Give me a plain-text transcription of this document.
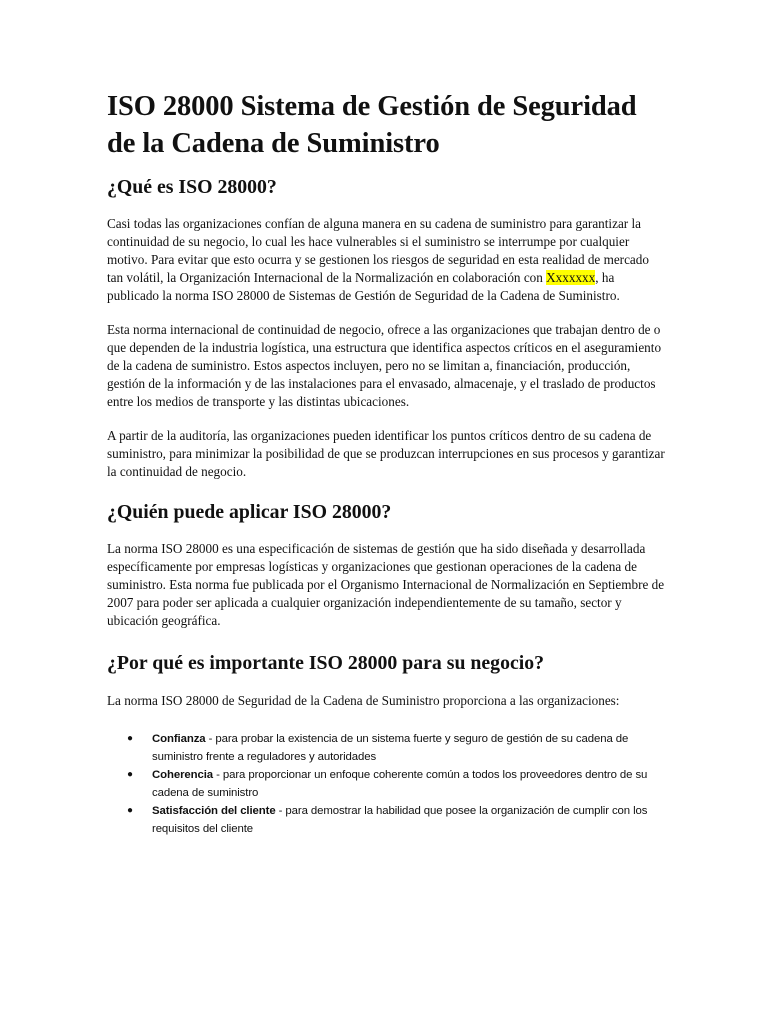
ISO 28000 Sistema de Gestión de Seguridad de la Cadena de Suministro
¿Qué es ISO 28000?

Casi todas las organizaciones confían de alguna manera en su cadena de suministro para garantizar la continuidad de su negocio, lo cual les hace vulnerables si el suministro se interrumpe por cualquier motivo. Para evitar que esto ocurra y se gestionen los riesgos de seguridad en esta realidad de mercado tan volátil, la Organización Internacional de la Normalización en colaboración con Xxxxxxx, ha publicado la norma ISO 28000 de Sistemas de Gestión de Seguridad de la Cadena de Suministro.

Esta norma internacional de continuidad de negocio, ofrece a las organizaciones que trabajan dentro de o que dependen de la industria logística, una estructura que identifica aspectos críticos en el aseguramiento de la cadena de suministro. Estos aspectos incluyen, pero no se limitan a, financiación, producción, gestión de la información y de las instalaciones para el envasado, almacenaje, y el traslado de productos entre los medios de transporte y las distintas ubicaciones.

A partir de la auditoría, las organizaciones pueden identificar los puntos críticos dentro de su cadena de suministro, para minimizar la posibilidad de que se produzcan interrupciones en sus procesos y garantizar la continuidad de negocio.

¿Quién puede aplicar ISO 28000?

La norma ISO 28000 es una especificación de sistemas de gestión que ha sido diseñada y desarrollada específicamente por empresas logísticas y organizaciones que gestionan operaciones de la cadena de suministro. Esta norma fue publicada por el Organismo Internacional de Normalización en Septiembre de 2007 para poder ser aplicada a cualquier organización independientemente de su tamaño, sector y ubicación geográfica.

¿Por qué es importante ISO 28000 para su negocio?

La norma ISO 28000 de Seguridad de la Cadena de Suministro proporciona a las organizaciones:

● Confianza - para probar la existencia de un sistema fuerte y seguro de gestión de su cadena de suministro frente a reguladores y autoridades
● Coherencia - para proporcionar un enfoque coherente común a todos los proveedores dentro de su cadena de suministro
● Satisfacción del cliente - para demostrar la habilidad que posee la organización de cumplir con los requisitos del cliente
